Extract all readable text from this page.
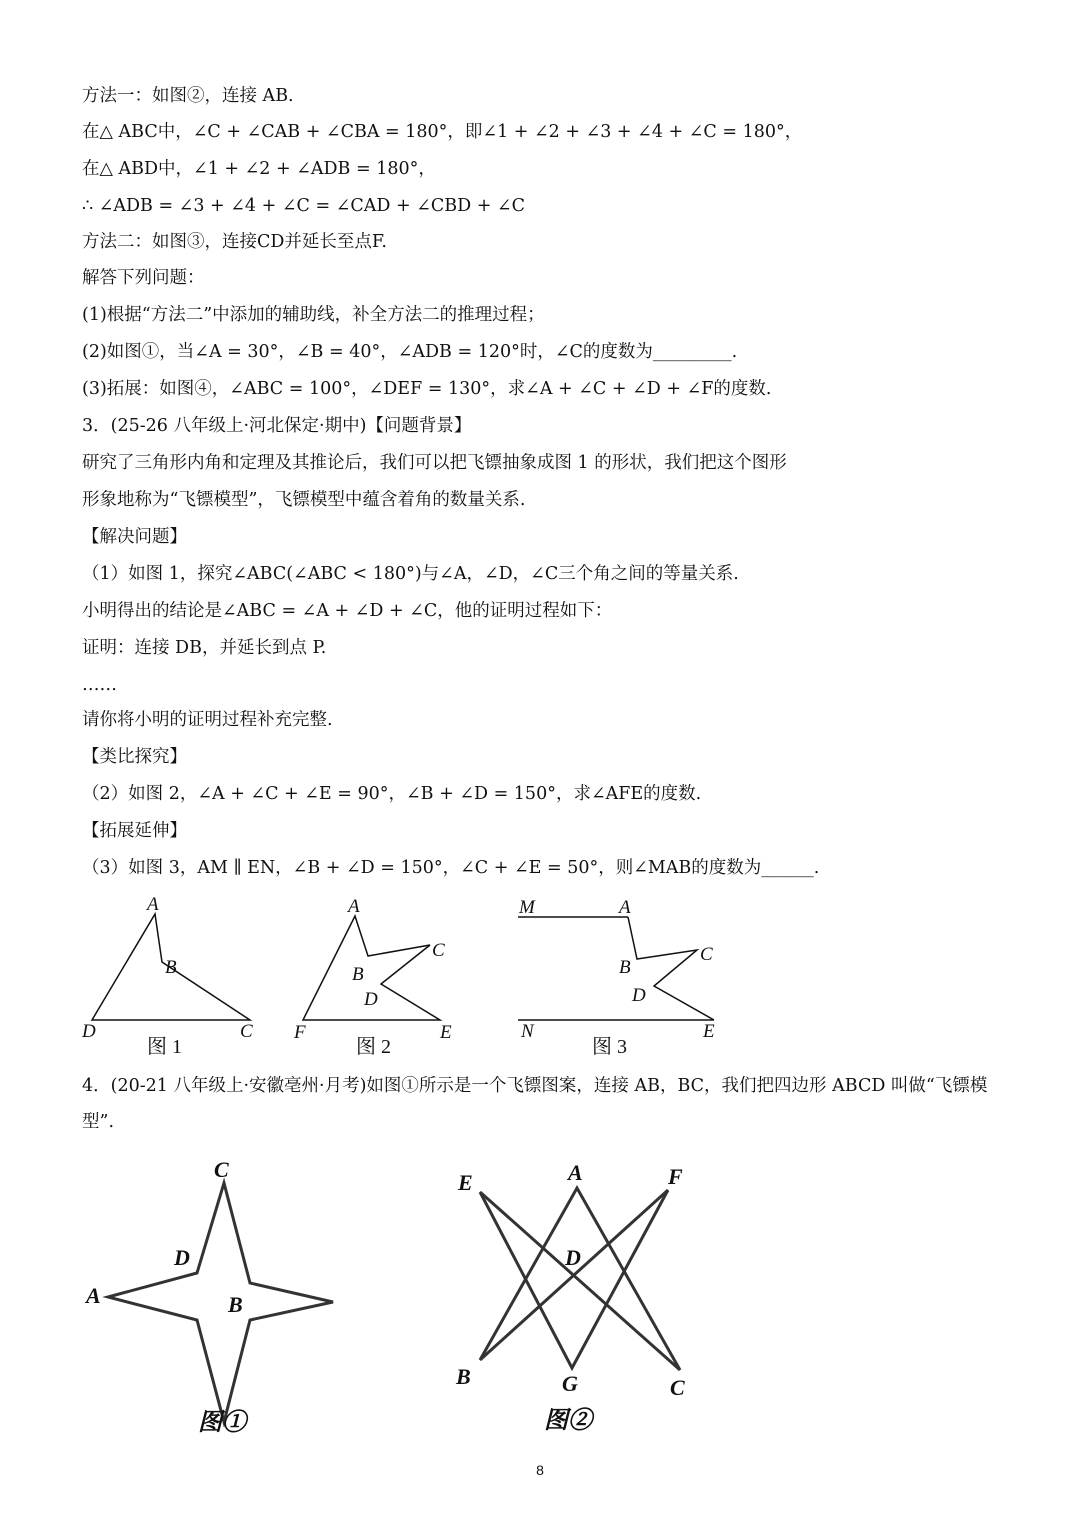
方法一：如图②，连接 AB.
在△ ABC中，∠C + ∠CAB + ∠CBA = 180°，即∠1 + ∠2 + ∠3 + ∠4 + ∠C = 180°，
在△ ABD中，∠1 + ∠2 + ∠ADB = 180°，
∴ ∠ADB = ∠3 + ∠4 + ∠C = ∠CAD + ∠CBD + ∠C
方法二：如图③，连接CD并延长至点F.
解答下列问题：
(1)根据“方法二”中添加的辅助线，补全方法二的推理过程；
(2)如图①，当∠A = 30°，∠B = 40°，∠ADB = 120°时，∠C的度数为_________.
(3)拓展：如图④，∠ABC = 100°，∠DEF = 130°，求∠A + ∠C + ∠D + ∠F的度数.
3．(25-26 八年级上·河北保定·期中)【问题背景】
研究了三角形内角和定理及其推论后，我们可以把飞镖抽象成图 1 的形状，我们把这个图形
形象地称为“飞镖模型”，飞镖模型中蕴含着角的数量关系.
【解决问题】
（1）如图 1，探究∠ABC(∠ABC < 180°)与∠A，∠D，∠C三个角之间的等量关系.
小明得出的结论是∠ABC = ∠A + ∠D + ∠C，他的证明过程如下：
证明：连接 DB，并延长到点 P.
……
请你将小明的证明过程补充完整.
【类比探究】
（2）如图 2，∠A + ∠C + ∠E = 90°，∠B + ∠D = 150°，求∠AFE的度数.
【拓展延伸】
（3）如图 3，AM ∥ EN，∠B + ∠D = 150°，∠C + ∠E = 50°，则∠MAB的度数为______.
A
B
C
D
图 1
A
B
C
D
E
F
图 2
M	A
B
C
D
N	E
图 3
4．(20-21 八年级上·安徽亳州·月考)如图①所示是一个飞镖图案，连接 AB，BC，我们把四边形 ABCD 叫做“飞镖模型”.
C
D
A	B
图①
E	A	F
D
B	G	C
图②
8
